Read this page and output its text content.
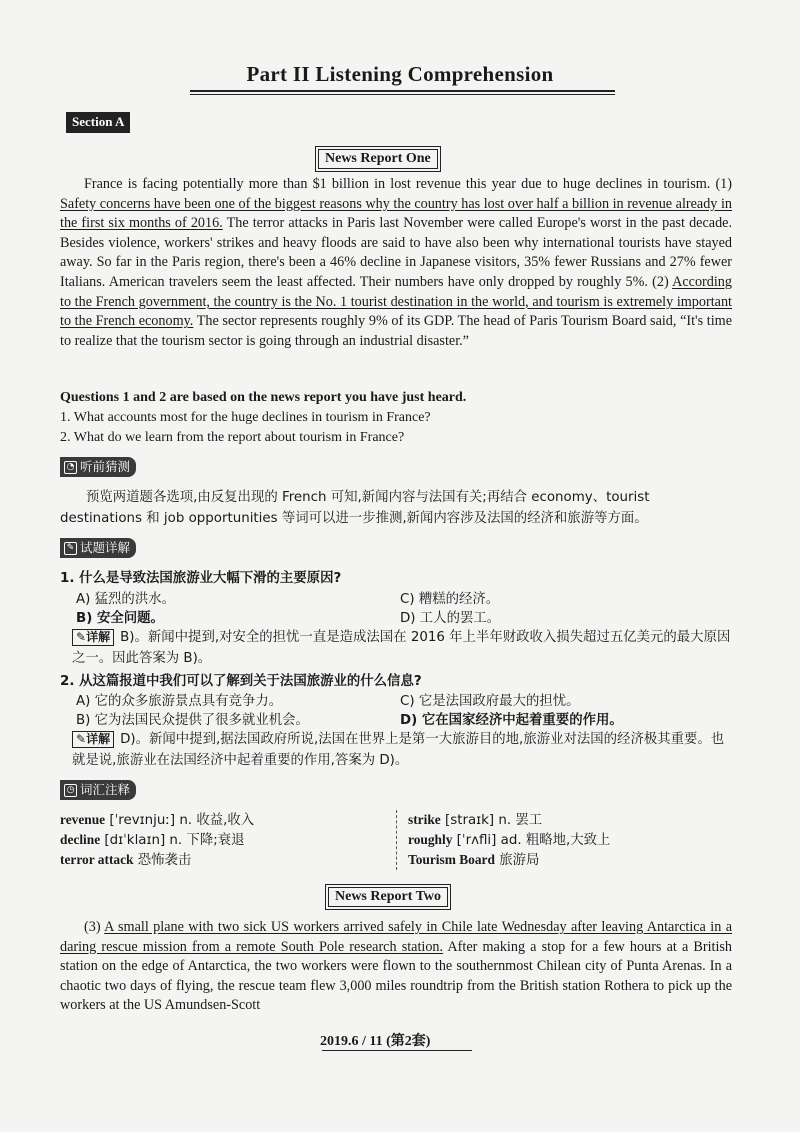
Part II Listening Comprehension
Section A
News Report One
France is facing potentially more than $1 billion in lost revenue this year due to huge declines in tourism. (1) Safety concerns have been one of the biggest reasons why the country has lost over half a billion in revenue already in the first six months of 2016. The terror attacks in Paris last November were called Europe's worst in the past decade. Besides violence, workers' strikes and heavy floods are said to have also been why international tourists have stayed away. So far in the Paris region, there's been a 46% decline in Japanese visitors, 35% fewer Russians and 27% fewer Italians. American travelers seem the least affected. Their numbers have only dropped by roughly 5%. (2) According to the French government, the country is the No. 1 tourist destination in the world, and tourism is extremely important to the French economy. The sector represents roughly 9% of its GDP. The head of Paris Tourism Board said, “It's time to realize that the tourism sector is going through an industrial disaster.”
Questions 1 and 2 are based on the news report you have just heard.
1. What accounts most for the huge declines in tourism in France?
2. What do we learn from the report about tourism in France?
◔ 听前猜测
预览两道题各选项,由反复出现的 French 可知,新闻内容与法国有关;再结合 economy、tourist destinations 和 job opportunities 等词可以进一步推测,新闻内容涉及法国的经济和旅游等方面。
✎ 试题详解
1. 什么是导致法国旅游业大幅下滑的主要原因?
A) 猛烈的洪水。	C) 糟糕的经济。
B) 安全问题。	D) 工人的罢工。
✎详解 B)。新闻中提到,对安全的担忧一直是造成法国在 2016 年上半年财政收入损失超过五亿美元的最大原因之一。因此答案为 B)。
2. 从这篇报道中我们可以了解到关于法国旅游业的什么信息?
A) 它的众多旅游景点具有竞争力。	C) 它是法国政府最大的担忧。
B) 它为法国民众提供了很多就业机会。	D) 它在国家经济中起着重要的作用。
✎详解 D)。新闻中提到,据法国政府所说,法国在世界上是第一大旅游目的地,旅游业对法国的经济极其重要。也就是说,旅游业在法国经济中起着重要的作用,答案为 D)。
◷ 词汇注释
revenue [ˈrevɪnjuː] n. 收益,收入
decline [dɪˈklaɪn] n. 下降;衰退
terror attack 恐怖袭击
strike [straɪk] n. 罢工
roughly [ˈrʌfli] ad. 粗略地,大致上
Tourism Board 旅游局
News Report Two
(3) A small plane with two sick US workers arrived safely in Chile late Wednesday after leaving Antarctica in a daring rescue mission from a remote South Pole research station. After making a stop for a few hours at a British station on the edge of Antarctica, the two workers were flown to the southernmost Chilean city of Punta Arenas. In a chaotic two days of flying, the rescue team flew 3,000 miles roundtrip from the British station Rothera to pick up the workers at the US Amundsen-Scott
2019.6 / 11 (第2套)
